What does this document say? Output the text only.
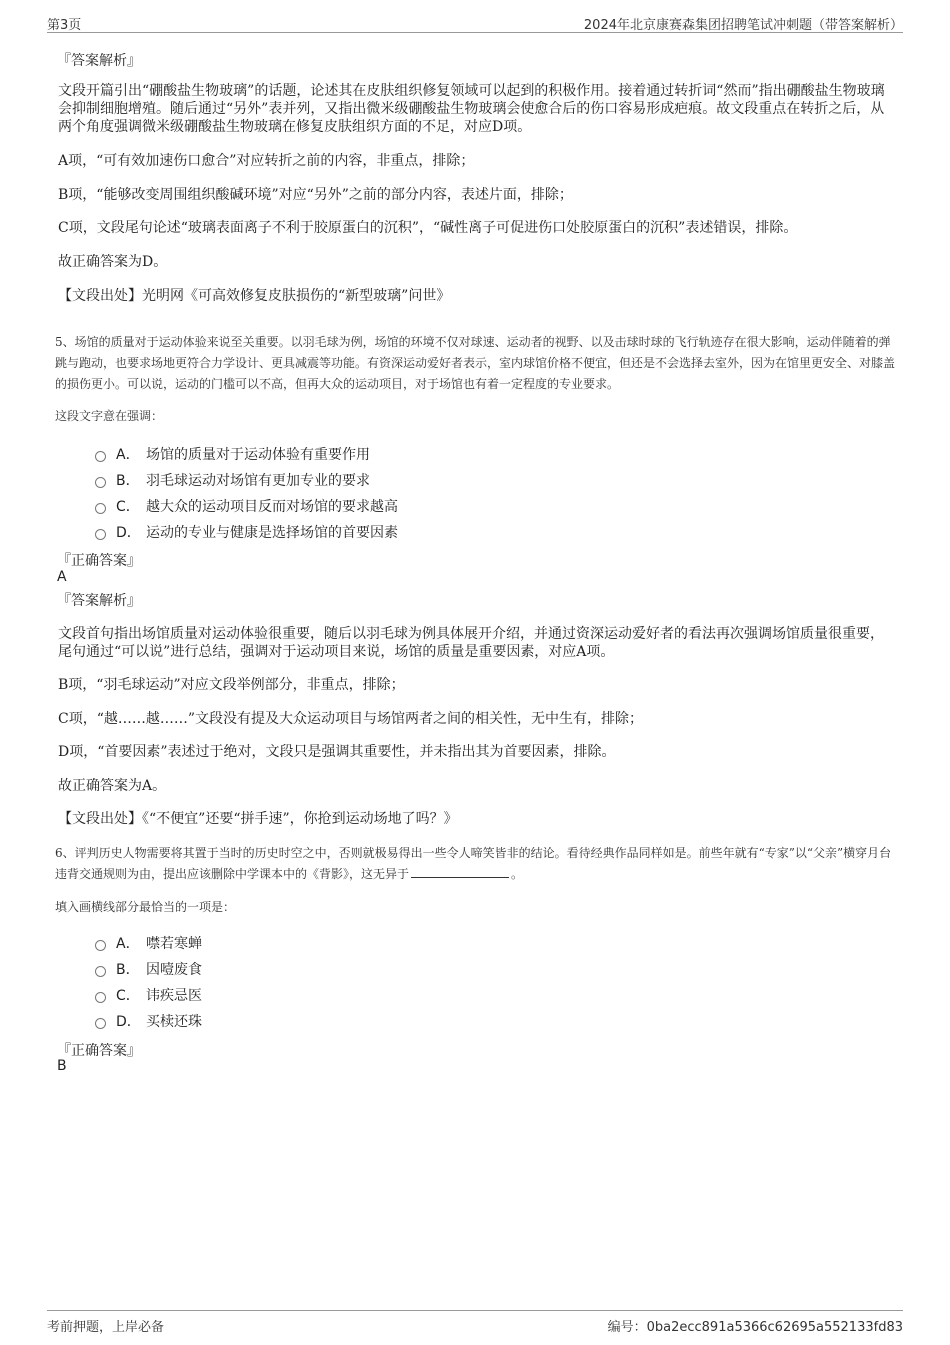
第3页	2024年北京康赛森集团招聘笔试冲刺题（带答案解析）
『答案解析』
文段开篇引出“硼酸盐生物玻璃”的话题，论述其在皮肤组织修复领域可以起到的积极作用。接着通过转折词“然而”指出硼酸盐生物玻璃会抑制细胞增殖。随后通过“另外”表并列，又指出微米级硼酸盐生物玻璃会使愈合后的伤口容易形成疤痕。故文段重点在转折之后，从两个角度强调微米级硼酸盐生物玻璃在修复皮肤组织方面的不足，对应D项。
A项，“可有效加速伤口愈合”对应转折之前的内容，非重点，排除；
B项，“能够改变周围组织酸碱环境”对应“另外”之前的部分内容，表述片面，排除；
C项，文段尾句论述“玻璃表面离子不利于胶原蛋白的沉积”，“碱性离子可促进伤口处胶原蛋白的沉积”表述错误，排除。
故正确答案为D。
【文段出处】光明网《可高效修复皮肤损伤的“新型玻璃”问世》
5、场馆的质量对于运动体验来说至关重要。以羽毛球为例，场馆的环境不仅对球速、运动者的视野、以及击球时球的飞行轨迹存在很大影响，运动伴随着的弹跳与跑动，也要求场地更符合力学设计、更具减震等功能。有资深运动爱好者表示，室内球馆价格不便宜，但还是不会选择去室外，因为在馆里更安全、对膝盖的损伤更小。可以说，运动的门槛可以不高，但再大众的运动项目，对于场馆也有着一定程度的专业要求。
这段文字意在强调：
A． 场馆的质量对于运动体验有重要作用
B． 羽毛球运动对场馆有更加专业的要求
C． 越大众的运动项目反而对场馆的要求越高
D． 运动的专业与健康是选择场馆的首要因素
『正确答案』
A
『答案解析』
文段首句指出场馆质量对运动体验很重要，随后以羽毛球为例具体展开介绍，并通过资深运动爱好者的看法再次强调场馆质量很重要，尾句通过“可以说”进行总结，强调对于运动项目来说，场馆的质量是重要因素，对应A项。
B项，“羽毛球运动”对应文段举例部分，非重点，排除；
C项，“越……越……”文段没有提及大众运动项目与场馆两者之间的相关性，无中生有，排除；
D项，“首要因素”表述过于绝对，文段只是强调其重要性，并未指出其为首要因素，排除。
故正确答案为A。
【文段出处】《“不便宜”还要“拼手速”，你抢到运动场地了吗？》
6、评判历史人物需要将其置于当时的历史时空之中，否则就极易得出一些令人啼笑皆非的结论。看待经典作品同样如是。前些年就有“专家”以“父亲”横穿月台违背交通规则为由，提出应该删除中学课本中的《背影》，这无异于	。
填入画横线部分最恰当的一项是：
A． 噤若寒蝉
B． 因噎废食
C． 讳疾忌医
D． 买椟还珠
『正确答案』
B
考前押题，上岸必备	编号：0ba2ecc891a5366c62695a552133fd83
